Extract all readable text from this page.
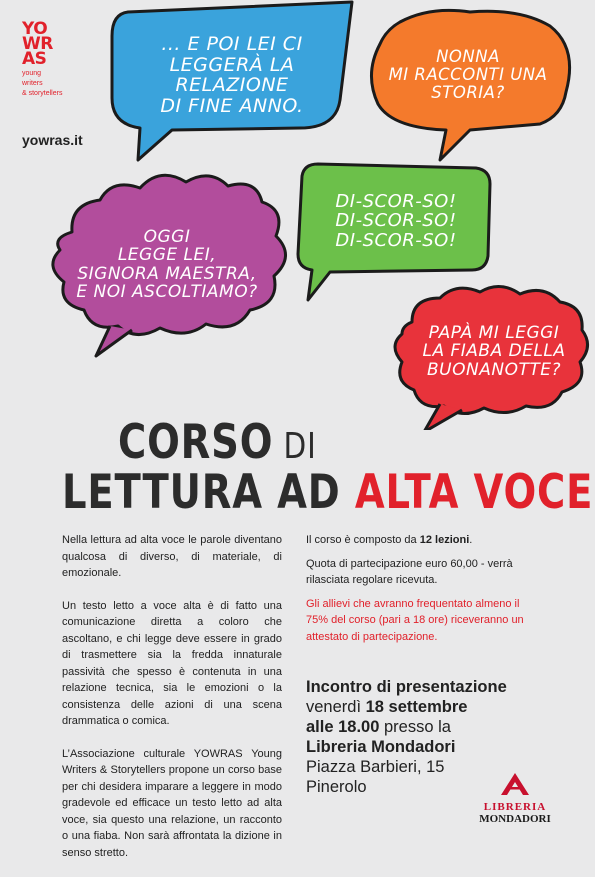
YO
WR
AS
young
writers
& storytellers
yowras.it
... E POI LEI CI
LEGGERÀ LA
RELAZIONE
DI FINE ANNO.
NONNA
MI RACCONTI UNA
STORIA?
DI-SCOR-SO!
DI-SCOR-SO!
DI-SCOR-SO!
OGGI
LEGGE LEI,
SIGNORA MAESTRA,
E NOI ASCOLTIAMO?
PAPÀ MI LEGGI
LA FIABA DELLA
BUONANOTTE?
CORSO DI
LETTURA AD ALTA VOCE

Nella lettura ad alta voce le parole diventano qualcosa di diverso, di materiale, di emozionale.

Un testo letto a voce alta è di fatto una comunicazione diretta a coloro che ascoltano, e chi legge deve essere in grado di trasmettere sia la fredda innaturale passività che spesso è contenuta in una relazione tecnica, sia le emozioni o la consistenza delle azioni di una scena drammatica o comica.

L’Associazione culturale YOWRAS Young Writers & Storytellers propone un corso base per chi desidera imparare a leggere in modo gradevole ed efficace un testo letto ad alta voce, sia questo una relazione, un racconto o una fiaba. Non sarà affrontata la dizione in senso stretto.

Il corso è composto da 12 lezioni.

Quota di partecipazione euro 60,00 - verrà rilasciata regolare ricevuta.

Gli allievi che avranno frequentato almeno il 75% del corso (pari a 18 ore) riceveranno un attestato di partecipazione.

Incontro di presentazione
venerdì 18 settembre
alle 18.00 presso la
Libreria Mondadori
Piazza Barbieri, 15
Pinerolo
LIBRERIA
MONDADORI
